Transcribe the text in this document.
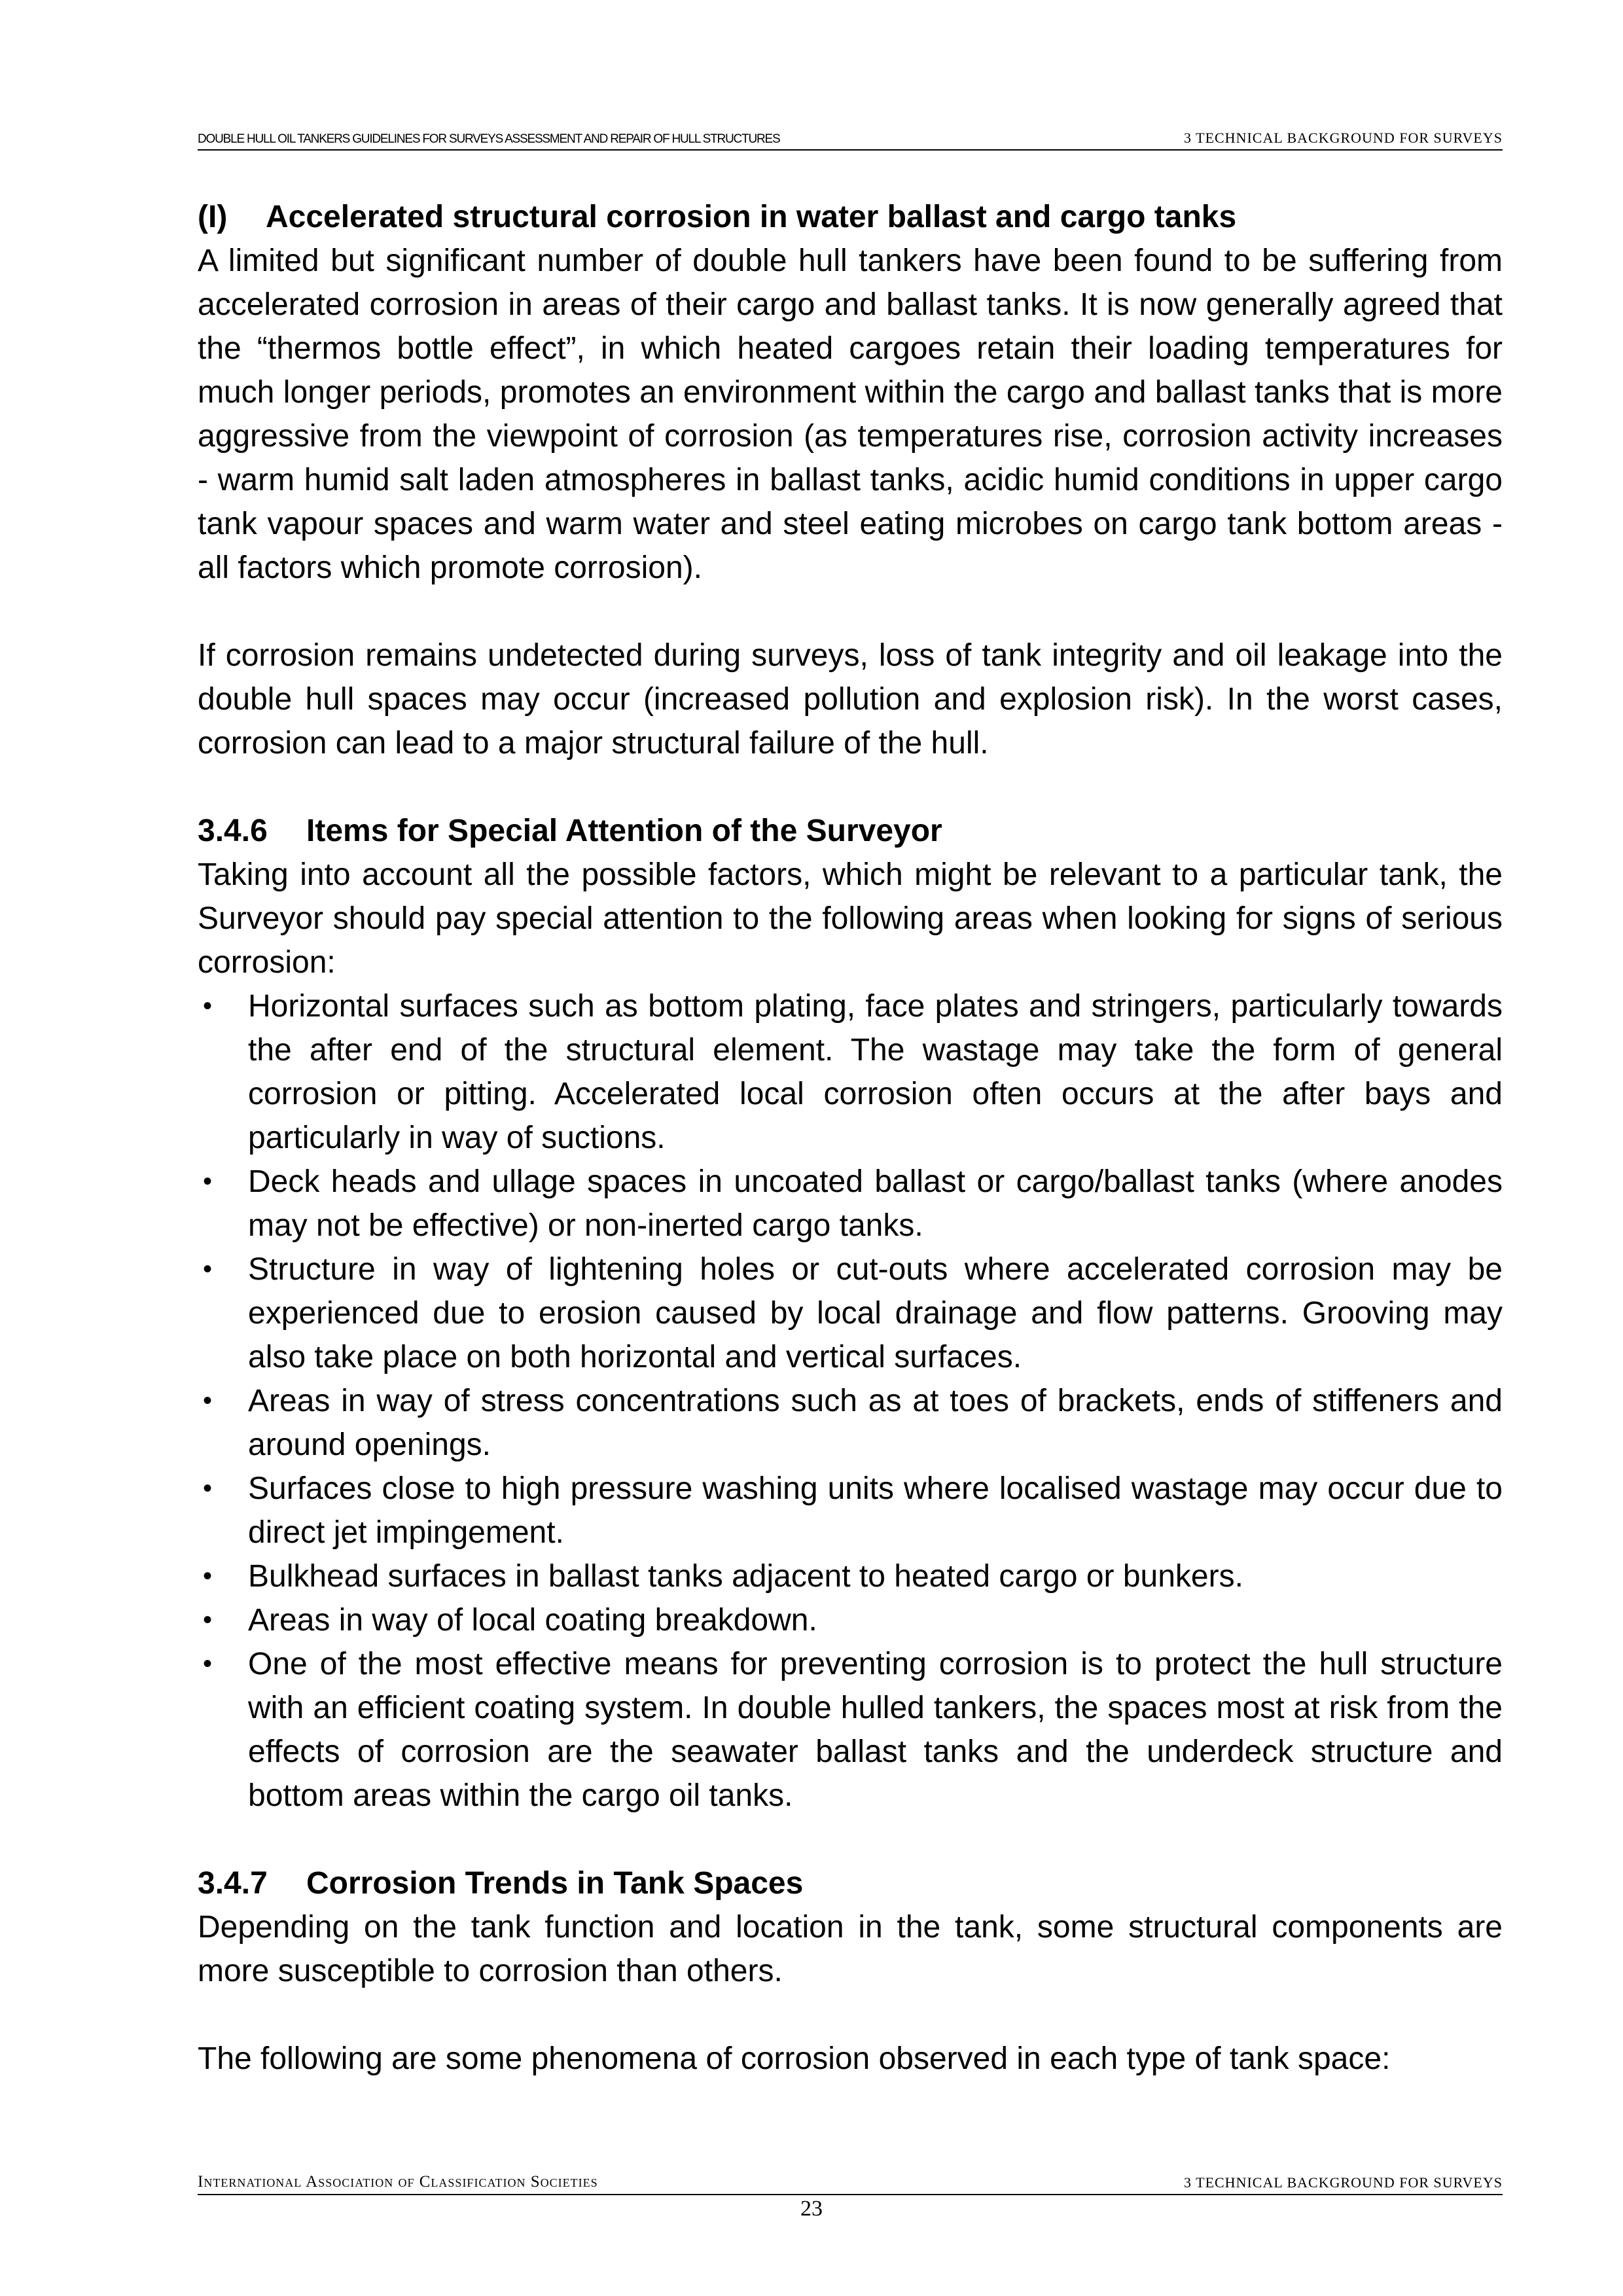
DOUBLE HULL OIL TANKERS GUIDELINES FOR SURVEYS ASSESSMENT AND REPAIR OF HULL STRUCTURES	3 TECHNICAL BACKGROUND FOR SURVEYS
(I) Accelerated structural corrosion in water ballast and cargo tanks

A limited but significant number of double hull tankers have been found to be suffering from accelerated corrosion in areas of their cargo and ballast tanks. It is now generally agreed that the “thermos bottle effect”, in which heated cargoes retain their loading temperatures for much longer periods, promotes an environment within the cargo and ballast tanks that is more aggressive from the viewpoint of corrosion (as temperatures rise, corrosion activity increases - warm humid salt laden atmospheres in ballast tanks, acidic humid conditions in upper cargo tank vapour spaces and warm water and steel eating microbes on cargo tank bottom areas - all factors which promote corrosion).

If corrosion remains undetected during surveys, loss of tank integrity and oil leakage into the double hull spaces may occur (increased pollution and explosion risk). In the worst cases, corrosion can lead to a major structural failure of the hull.

3.4.6 Items for Special Attention of the Surveyor

Taking into account all the possible factors, which might be relevant to a particular tank, the Surveyor should pay special attention to the following areas when looking for signs of serious corrosion:

• Horizontal surfaces such as bottom plating, face plates and stringers, particularly towards the after end of the structural element. The wastage may take the form of general corrosion or pitting. Accelerated local corrosion often occurs at the after bays and particularly in way of suctions.
• Deck heads and ullage spaces in uncoated ballast or cargo/ballast tanks (where anodes may not be effective) or non-inerted cargo tanks.
• Structure in way of lightening holes or cut-outs where accelerated corrosion may be experienced due to erosion caused by local drainage and flow patterns. Grooving may also take place on both horizontal and vertical surfaces.
• Areas in way of stress concentrations such as at toes of brackets, ends of stiffeners and around openings.
• Surfaces close to high pressure washing units where localised wastage may occur due to direct jet impingement.
• Bulkhead surfaces in ballast tanks adjacent to heated cargo or bunkers.
• Areas in way of local coating breakdown.
• One of the most effective means for preventing corrosion is to protect the hull structure with an efficient coating system. In double hulled tankers, the spaces most at risk from the effects of corrosion are the seawater ballast tanks and the underdeck structure and bottom areas within the cargo oil tanks.
3.4.7 Corrosion Trends in Tank Spaces

Depending on the tank function and location in the tank, some structural components are more susceptible to corrosion than others.

The following are some phenomena of corrosion observed in each type of tank space:

International Association of Classification Societies	3 TECHNICAL BACKGROUND FOR SURVEYS
23
